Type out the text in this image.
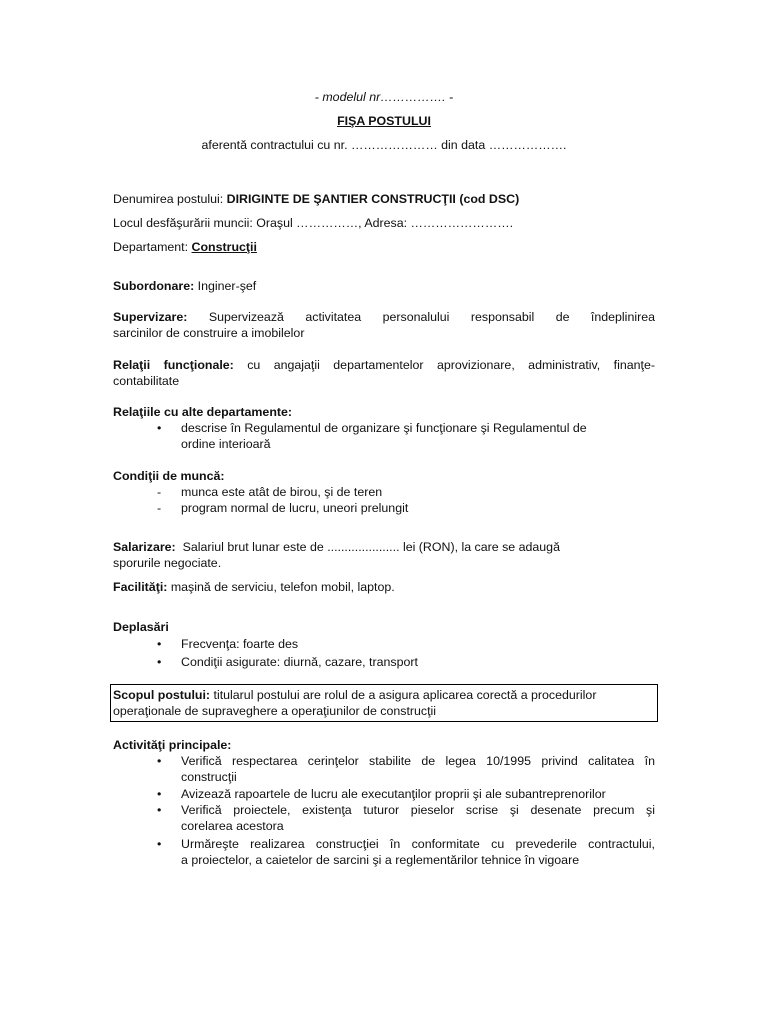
- modelul nr……………. -
FIŞA POSTULUI
aferentă contractului cu nr. ………………… din data ……………….
Denumirea postului: DIRIGINTE DE ŞANTIER CONSTRUCŢII (cod DSC)
Locul desfăşurării muncii: Oraşul ……………, Adresa: …………………….
Departament: Construcţii
Subordonare: Inginer-şef
Supervizare: Supervizează activitatea personalului responsabil de îndeplinirea
sarcinilor de construire a imobilelor
Relaţii funcţionale: cu angajaţii departamentelor aprovizionare, administrativ, finanţe-
contabilitate
Relaţiile cu alte departamente:
• descrise în Regulamentul de organizare şi funcţionare şi Regulamentul de
ordine interioară
Condiţii de muncă:
- munca este atât de birou, şi de teren
- program normal de lucru, uneori prelungit
Salarizare:  Salariul brut lunar este de ..................... lei (RON), la care se adaugă
sporurile negociate.
Facilităţi: maşină de serviciu, telefon mobil, laptop.
Deplasări
• Frecvenţa: foarte des
• Condiţii asigurate: diurnă, cazare, transport
Scopul postului: titularul postului are rolul de a asigura aplicarea corectă a procedurilor
operaţionale de supraveghere a operaţiunilor de construcţii
Activităţi principale:
• Verifică respectarea cerinţelor stabilite de legea 10/1995 privind calitatea în
construcţii
• Avizează rapoartele de lucru ale executanţilor proprii şi ale subantreprenorilor
• Verifică proiectele, existenţa tuturor pieselor scrise şi desenate precum şi
corelarea acestora
• Urmăreşte realizarea construcţiei în conformitate cu prevederile contractului,
a proiectelor, a caietelor de sarcini şi a reglementărilor tehnice în vigoare
